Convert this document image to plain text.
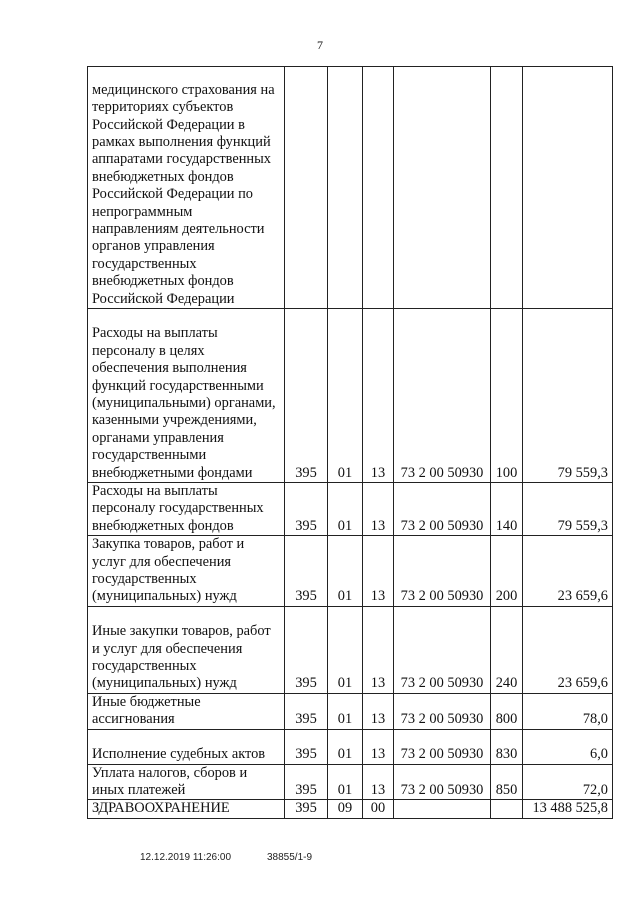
7
медицинского страхования на территориях субъектов Российской Федерации в рамках выполнения функций аппаратами государственных внебюджетных фондов Российской Федерации по непрограммным направлениям деятельности органов управления государственных внебюджетных фондов Российской Федерации						
Расходы на выплаты персоналу в целях обеспечения выполнения функций государственными (муниципальными) органами, казенными учреждениями, органами управления государственными внебюджетными фондами	395	01	13	73 2 00 50930	100	79 559,3
Расходы на выплаты персоналу государственных внебюджетных фондов	395	01	13	73 2 00 50930	140	79 559,3
Закупка товаров, работ и услуг для обеспечения государственных (муниципальных) нужд	395	01	13	73 2 00 50930	200	23 659,6
Иные закупки товаров, работ и услуг для обеспечения государственных (муниципальных) нужд	395	01	13	73 2 00 50930	240	23 659,6
Иные бюджетные ассигнования	395	01	13	73 2 00 50930	800	78,0
Исполнение судебных актов	395	01	13	73 2 00 50930	830	6,0
Уплата налогов, сборов и иных платежей	395	01	13	73 2 00 50930	850	72,0
ЗДРАВООХРАНЕНИЕ	395	09	00			13 488 525,8
12.12.2019 11:26:00	38855/1-9
